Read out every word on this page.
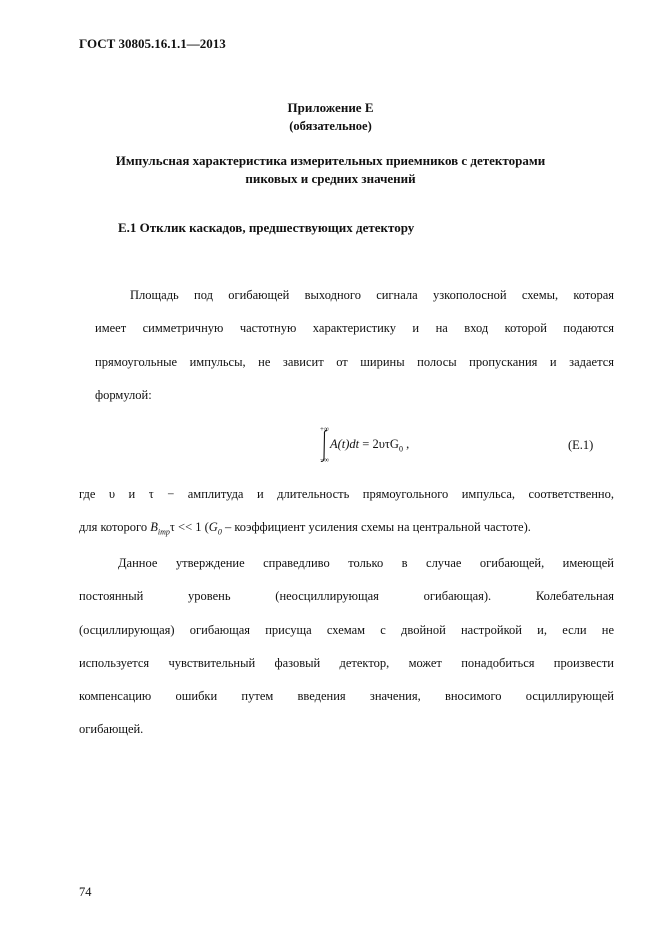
ГОСТ 30805.16.1.1—2013
Приложение Е
(обязательное)
Импульсная характеристика измерительных приемников с детекторами
пиковых и средних значений
Е.1 Отклик каскадов, предшествующих детектору
Площадь под огибающей выходного сигнала узкополосной схемы, которая
имеет симметричную частотную характеристику и на вход которой подаются
прямоугольные импульсы, не зависит от ширины полосы пропускания и задается
формулой:
+∞
−∞
A(t)dt = 2υτG$_0$ ,	(Е.1)
где υ и τ − амплитуда и длительность прямоугольного импульса, соответственно,
для которого $B_{imp}\tau << 1$ ($G_0$ – коэффициент усиления схемы на центральной частоте).
Данное утверждение справедливо только в случае огибающей, имеющей
постоянный уровень (неосциллирующая огибающая). Колебательная
(осциллирующая) огибающая присуща схемам с двойной настройкой и, если не
используется чувствительный фазовый детектор, может понадобиться произвести
компенсацию ошибки путем введения значения, вносимого осциллирующей
огибающей.
74
